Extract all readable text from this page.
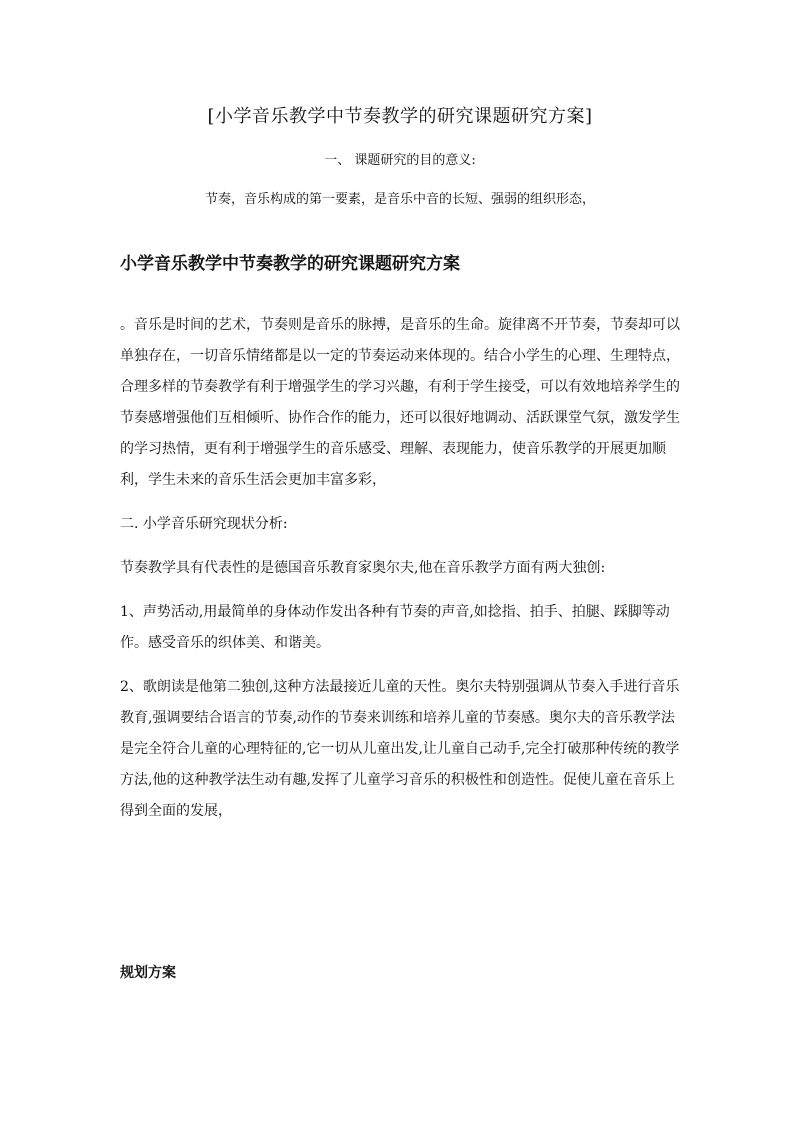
[小学音乐教学中节奏教学的研究课题研究方案]
一、 课题研究的目的意义:
节奏，音乐构成的第一要素，是音乐中音的长短、强弱的组织形态，
小学音乐教学中节奏教学的研究课题研究方案

。音乐是时间的艺术，节奏则是音乐的脉搏，是音乐的生命。旋律离不开节奏，节奏却可以单独存在，一切音乐情绪都是以一定的节奏运动来体现的。结合小学生的心理、生理特点，合理多样的节奏教学有利于增强学生的学习兴趣，有利于学生接受，可以有效地培养学生的节奏感增强他们互相倾听、协作合作的能力，还可以很好地调动、活跃课堂气氛，激发学生的学习热情，更有利于增强学生的音乐感受、理解、表现能力，使音乐教学的开展更加顺利，学生未来的音乐生活会更加丰富多彩，

二. 小学音乐研究现状分析:

节奏教学具有代表性的是德国音乐教育家奥尔夫,他在音乐教学方面有两大独创:

1、声势活动,用最简单的身体动作发出各种有节奏的声音,如捻指、拍手、拍腿、踩脚等动作。感受音乐的织体美、和谐美。

2、歌朗读是他第二独创,这种方法最接近儿童的天性。奥尔夫特别强调从节奏入手进行音乐教育,强调要结合语言的节奏,动作的节奏来训练和培养儿童的节奏感。奥尔夫的音乐教学法是完全符合儿童的心理特征的,它一切从儿童出发,让儿童自己动手,完全打破那种传统的教学方法,他的这种教学法生动有趣,发挥了儿童学习音乐的积极性和创造性。促使儿童在音乐上得到全面的发展，

规划方案
